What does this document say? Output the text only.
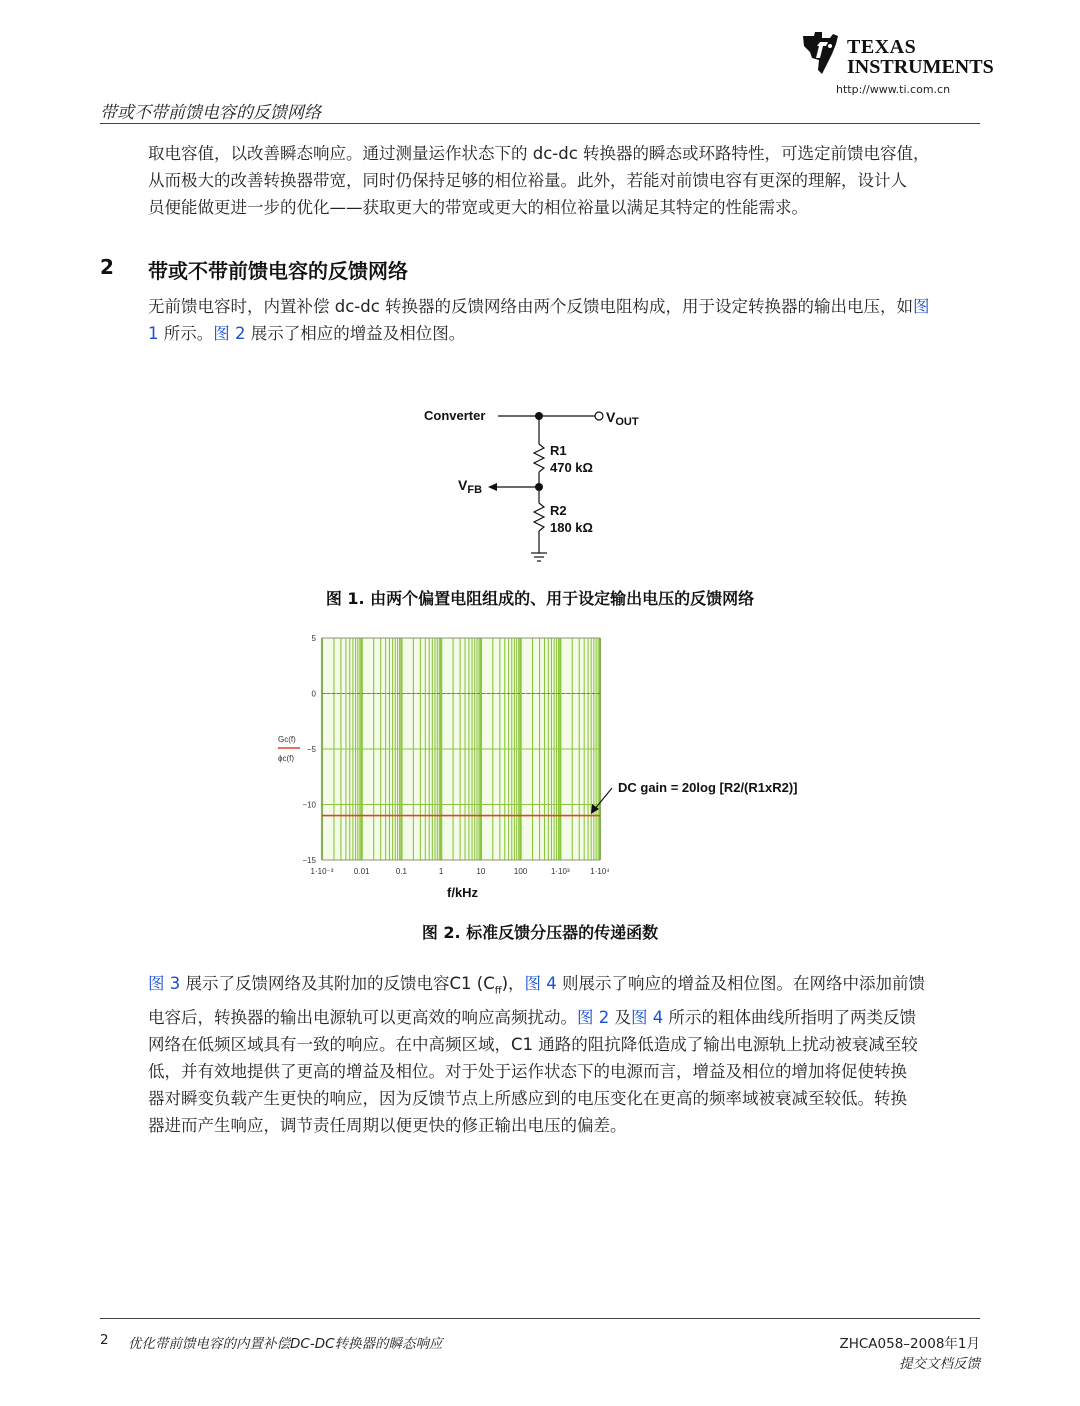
TEXAS
INSTRUMENTS
http://www.ti.com.cn
带或不带前馈电容的反馈网络
取电容值，以改善瞬态响应。通过测量运作状态下的 dc-dc 转换器的瞬态或环路特性，可选定前馈电容值，
从而极大的改善转换器带宽，同时仍保持足够的相位裕量。此外，若能对前馈电容有更深的理解，设计人
员便能做更进一步的优化——获取更大的带宽或更大的相位裕量以满足其特定的性能需求。
2 带或不带前馈电容的反馈网络
无前馈电容时，内置补偿 dc-dc 转换器的反馈网络由两个反馈电阻构成，用于设定转换器的输出电压，如图
1 所示。图 2 展示了相应的增益及相位图。
Converter	$V_{OUT}$
R1
470 kΩ
$V_{FB}$
R2
180 kΩ
图 1. 由两个偏置电阻组成的、用于设定输出电压的反馈网络
5
0
−5
−10
−15
1·10⁻³	0.01	0.1	1	10	100	1·10³	1·10⁴
f/kHz
Gc(f)
ϕc(f)
DC gain = 20log [R2/(R1xR2)]
图 2. 标准反馈分压器的传递函数
图 3 展示了反馈网络及其附加的反馈电容C1 $(C_{ff})$，图 4 则展示了响应的增益及相位图。在网络中添加前馈
电容后，转换器的输出电源轨可以更高效的响应高频扰动。图 2 及图 4 所示的粗体曲线所指明了两类反馈
网络在低频区域具有一致的响应。在中高频区域，C1 通路的阻抗降低造成了输出电源轨上扰动被衰减至较
低，并有效地提供了更高的增益及相位。对于处于运作状态下的电源而言，增益及相位的增加将促使转换
器对瞬变负载产生更快的响应，因为反馈节点上所感应到的电压变化在更高的频率域被衰减至较低。转换
器进而产生响应，调节责任周期以便更快的修正输出电压的偏差。
2 优化带前馈电容的内置补偿DC-DC转换器的瞬态响应	ZHCA058–2008年1月
提交文档反馈
